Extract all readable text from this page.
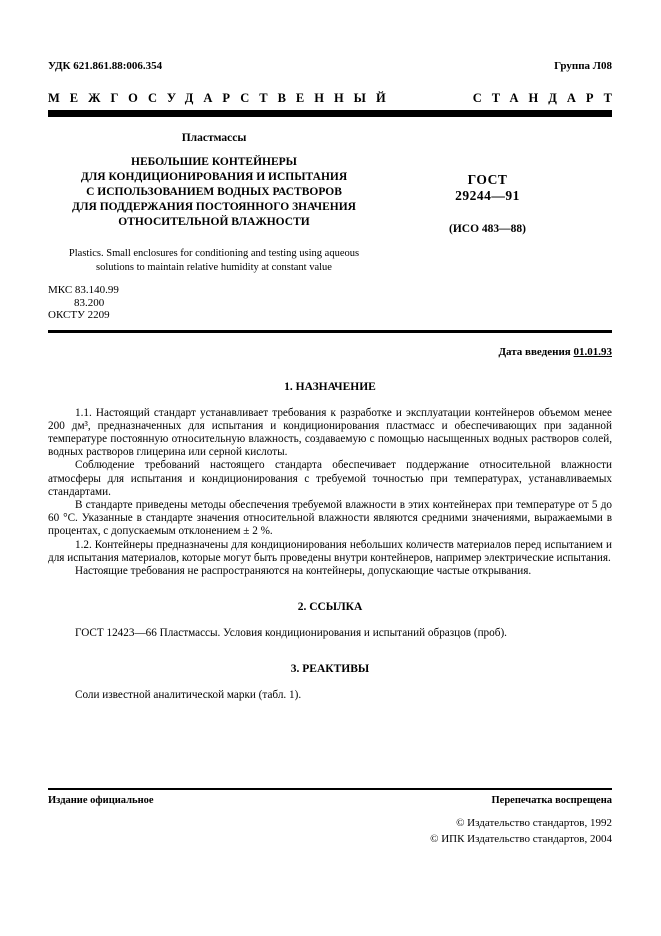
УДК 621.861.88:006.354	Группа Л08
МЕЖГОСУДАРСТВЕННЫЙ	СТАНДАРТ
Пластмассы
НЕБОЛЬШИЕ КОНТЕЙНЕРЫ
ДЛЯ КОНДИЦИОНИРОВАНИЯ И ИСПЫТАНИЯ
С ИСПОЛЬЗОВАНИЕМ ВОДНЫХ РАСТВОРОВ
ДЛЯ ПОДДЕРЖАНИЯ ПОСТОЯННОГО ЗНАЧЕНИЯ
ОТНОСИТЕЛЬНОЙ ВЛАЖНОСТИ
Plastics. Small enclosures for conditioning and testing using aqueous
solutions to maintain relative humidity at constant value
ГОСТ
29244—91
(ИСО 483—88)
МКС 83.140.99
83.200
ОКСТУ 2209
Дата введения 01.01.93
1. НАЗНАЧЕНИЕ

1.1. Настоящий стандарт устанавливает требования к разработке и эксплуатации контейнеров объемом менее 200 дм³, предназначенных для испытания и кондиционирования пластмасс и обеспечивающих при заданной температуре постоянную относительную влажность, создаваемую с помощью насыщенных водных растворов солей, водных растворов глицерина или серной кислоты.

Соблюдение требований настоящего стандарта обеспечивает поддержание относительной влажности атмосферы для испытания и кондиционирования с требуемой точностью при температурах, устанавливаемых стандартами.

В стандарте приведены методы обеспечения требуемой влажности в этих контейнерах при температуре от 5 до 60 °С. Указанные в стандарте значения относительной влажности являются средними значениями, выражаемыми в процентах, с допускаемым отклонением ± 2 %.

1.2. Контейнеры предназначены для кондиционирования небольших количеств материалов перед испытанием и для испытания материалов, которые могут быть проведены внутри контейнеров, например электрические испытания.

Настоящие требования не распространяются на контейнеры, допускающие частые открывания.

2. ССЫЛКА

ГОСТ 12423—66 Пластмассы. Условия кондиционирования и испытаний образцов (проб).

3. РЕАКТИВЫ

Соли известной аналитической марки (табл. 1).

Издание официальное	Перепечатка воспрещена
© Издательство стандартов, 1992
© ИПК Издательство стандартов, 2004
